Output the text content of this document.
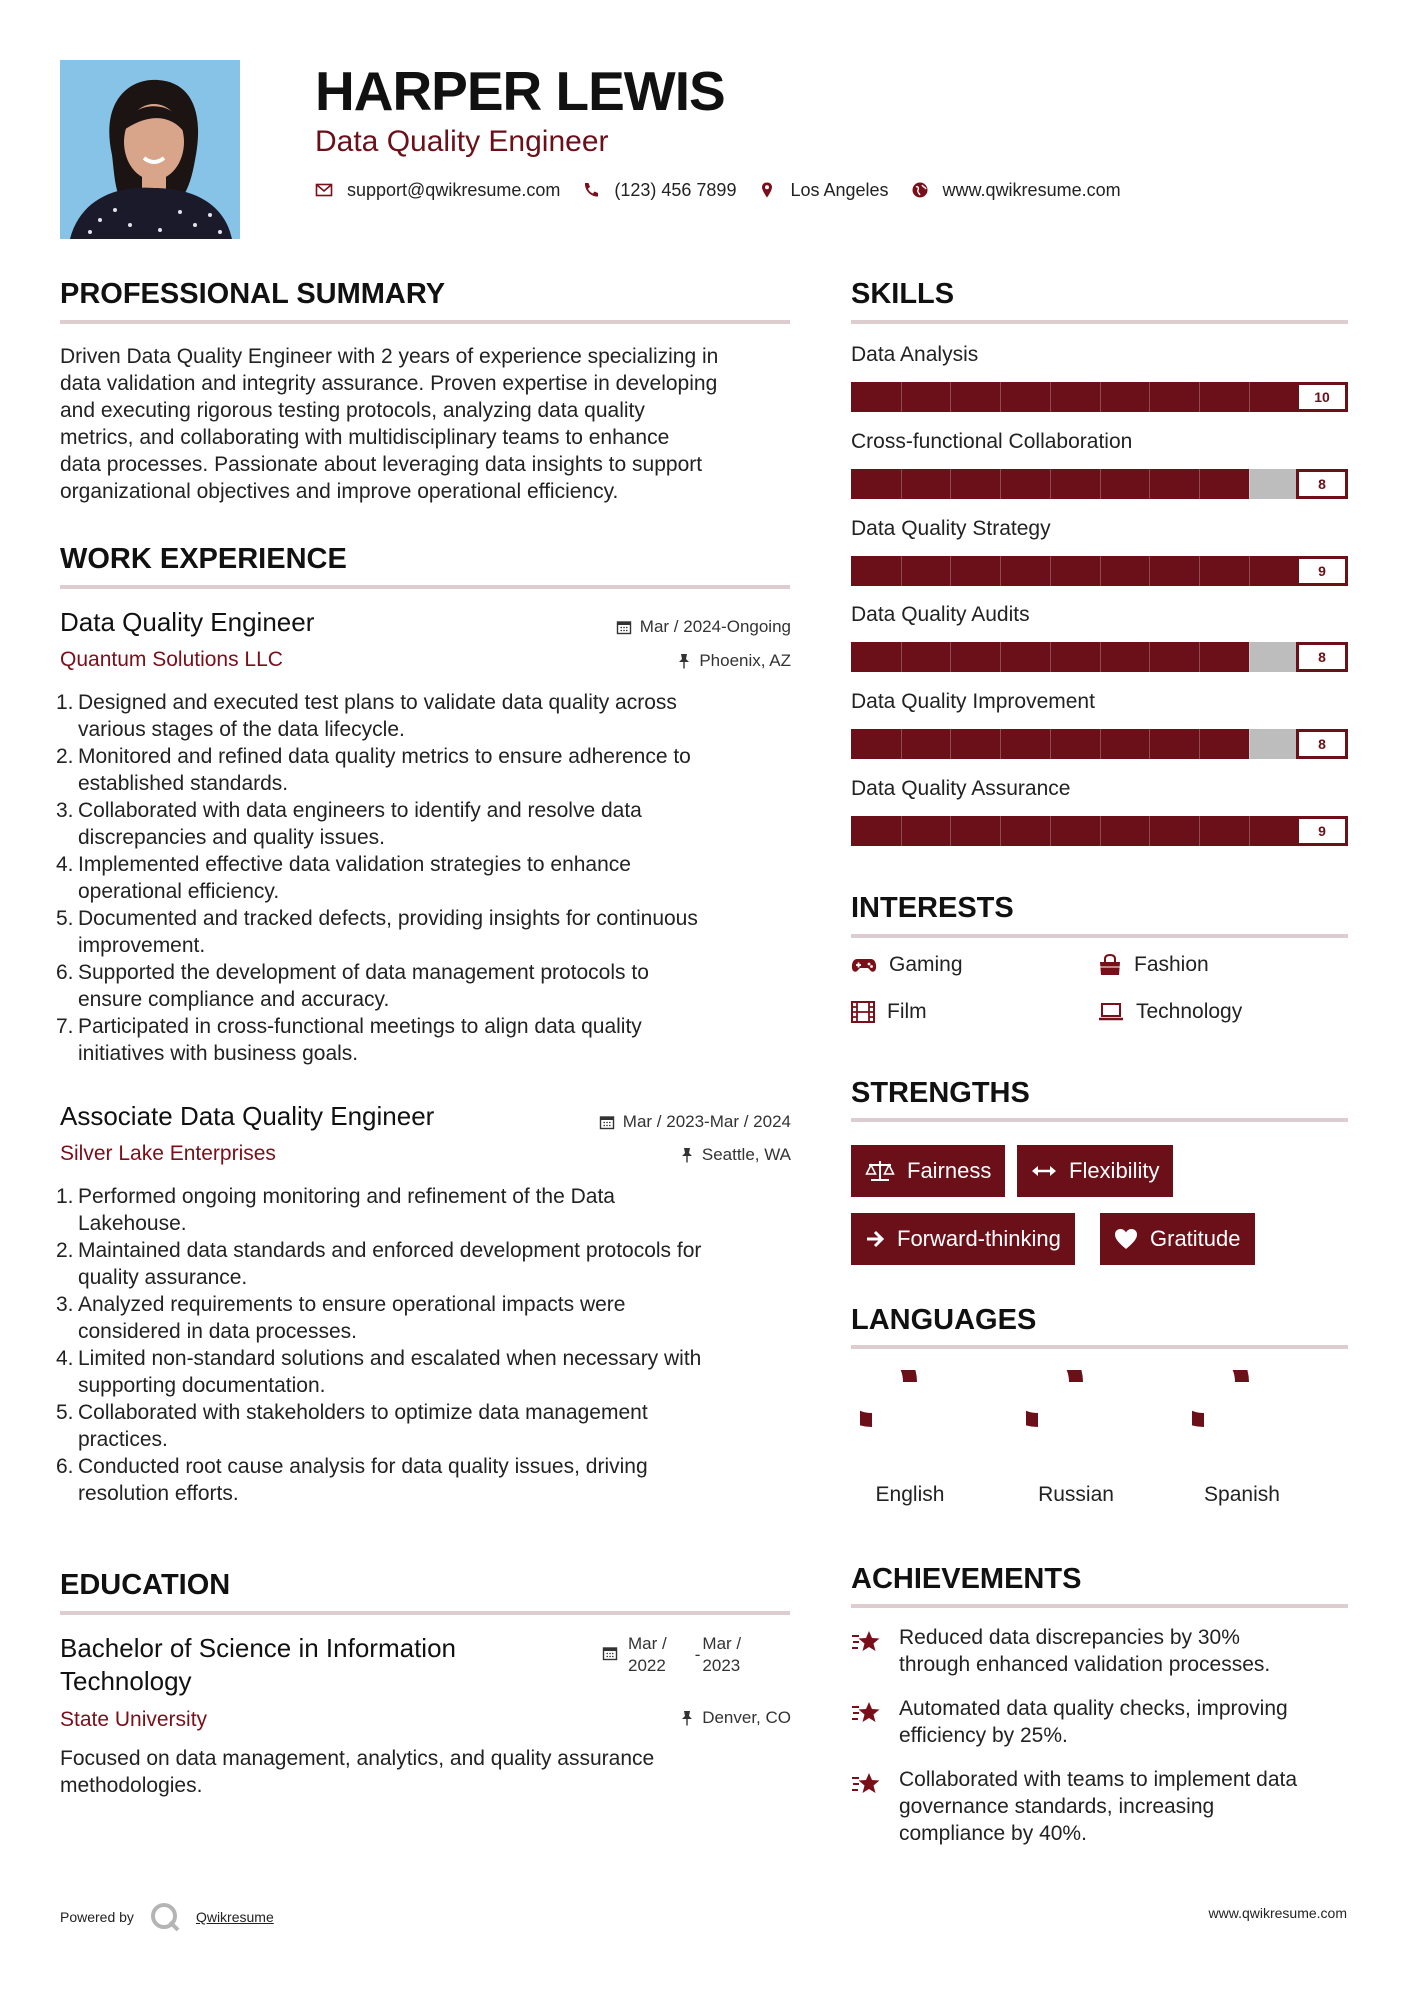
HARPER LEWIS
Data Quality Engineer
support@qwikresume.com	(123) 456 7899	Los Angeles	www.qwikresume.com
PROFESSIONAL SUMMARY
Driven Data Quality Engineer with 2 years of experience specializing in
data validation and integrity assurance. Proven expertise in developing
and executing rigorous testing protocols, analyzing data quality
metrics, and collaborating with multidisciplinary teams to enhance
data processes. Passionate about leveraging data insights to support
organizational objectives and improve operational efficiency.
WORK EXPERIENCE
Data Quality Engineer	Mar / 2024-Ongoing
Quantum Solutions LLC	Phoenix, AZ
1. Designed and executed test plans to validate data quality across
various stages of the data lifecycle.
2. Monitored and refined data quality metrics to ensure adherence to
established standards.
3. Collaborated with data engineers to identify and resolve data
discrepancies and quality issues.
4. Implemented effective data validation strategies to enhance
operational efficiency.
5. Documented and tracked defects, providing insights for continuous
improvement.
6. Supported the development of data management protocols to
ensure compliance and accuracy.
7. Participated in cross-functional meetings to align data quality
initiatives with business goals.
Associate Data Quality Engineer	Mar / 2023-Mar / 2024
Silver Lake Enterprises	Seattle, WA
1. Performed ongoing monitoring and refinement of the Data
Lakehouse.
2. Maintained data standards and enforced development protocols for
quality assurance.
3. Analyzed requirements to ensure operational impacts were
considered in data processes.
4. Limited non-standard solutions and escalated when necessary with
supporting documentation.
5. Collaborated with stakeholders to optimize data management
practices.
6. Conducted root cause analysis for data quality issues, driving
resolution efforts.
EDUCATION
Bachelor of Science in Information
Technology
Mar /
2022
-
Mar /
2023
State University	Denver, CO
Focused on data management, analytics, and quality assurance
methodologies.
SKILLS
Data Analysis
10
Cross-functional Collaboration
8
Data Quality Strategy
9
Data Quality Audits
8
Data Quality Improvement
8
Data Quality Assurance
9
INTERESTS
Gaming	Fashion
Film	Technology
STRENGTHS
Fairness	Flexibility
Forward-thinking	Gratitude
LANGUAGES
English	Russian	Spanish
ACHIEVEMENTS
Reduced data discrepancies by 30%
through enhanced validation processes.
Automated data quality checks, improving
efficiency by 25%.
Collaborated with teams to implement data
governance standards, increasing
compliance by 40%.
Powered by	Qwikresume	www.qwikresume.com
